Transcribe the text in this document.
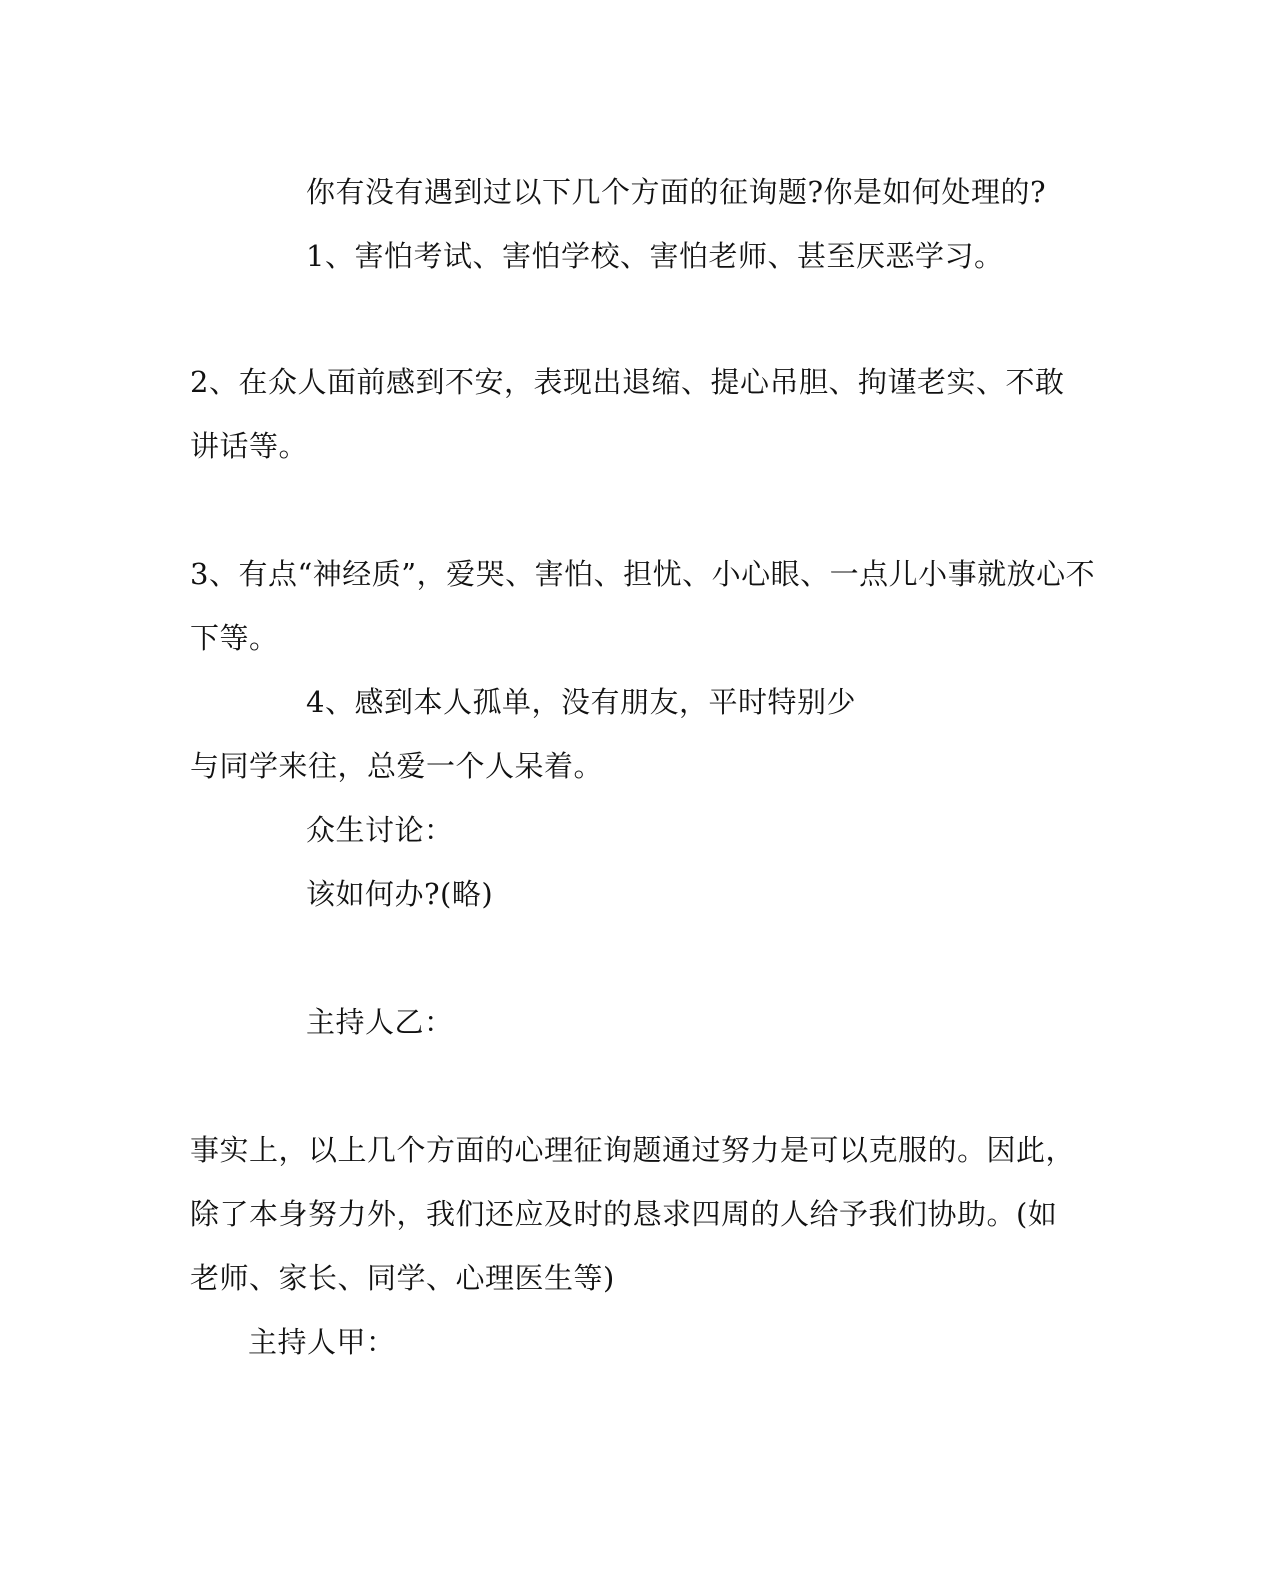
你有没有遇到过以下几个方面的征询题?你是如何处理的?
1、害怕考试、害怕学校、害怕老师、甚至厌恶学习。
2、在众人面前感到不安，表现出退缩、提心吊胆、拘谨老实、不敢
讲话等。
3、有点“神经质”，爱哭、害怕、担忧、小心眼、一点儿小事就放心不
下等。
4、感到本人孤单，没有朋友，平时特别少
与同学来往，总爱一个人呆着。
众生讨论：
该如何办?(略)
主持人乙：
事实上，以上几个方面的心理征询题通过努力是可以克服的。因此，
除了本身努力外，我们还应及时的恳求四周的人给予我们协助。(如
老师、家长、同学、心理医生等)
主持人甲：
